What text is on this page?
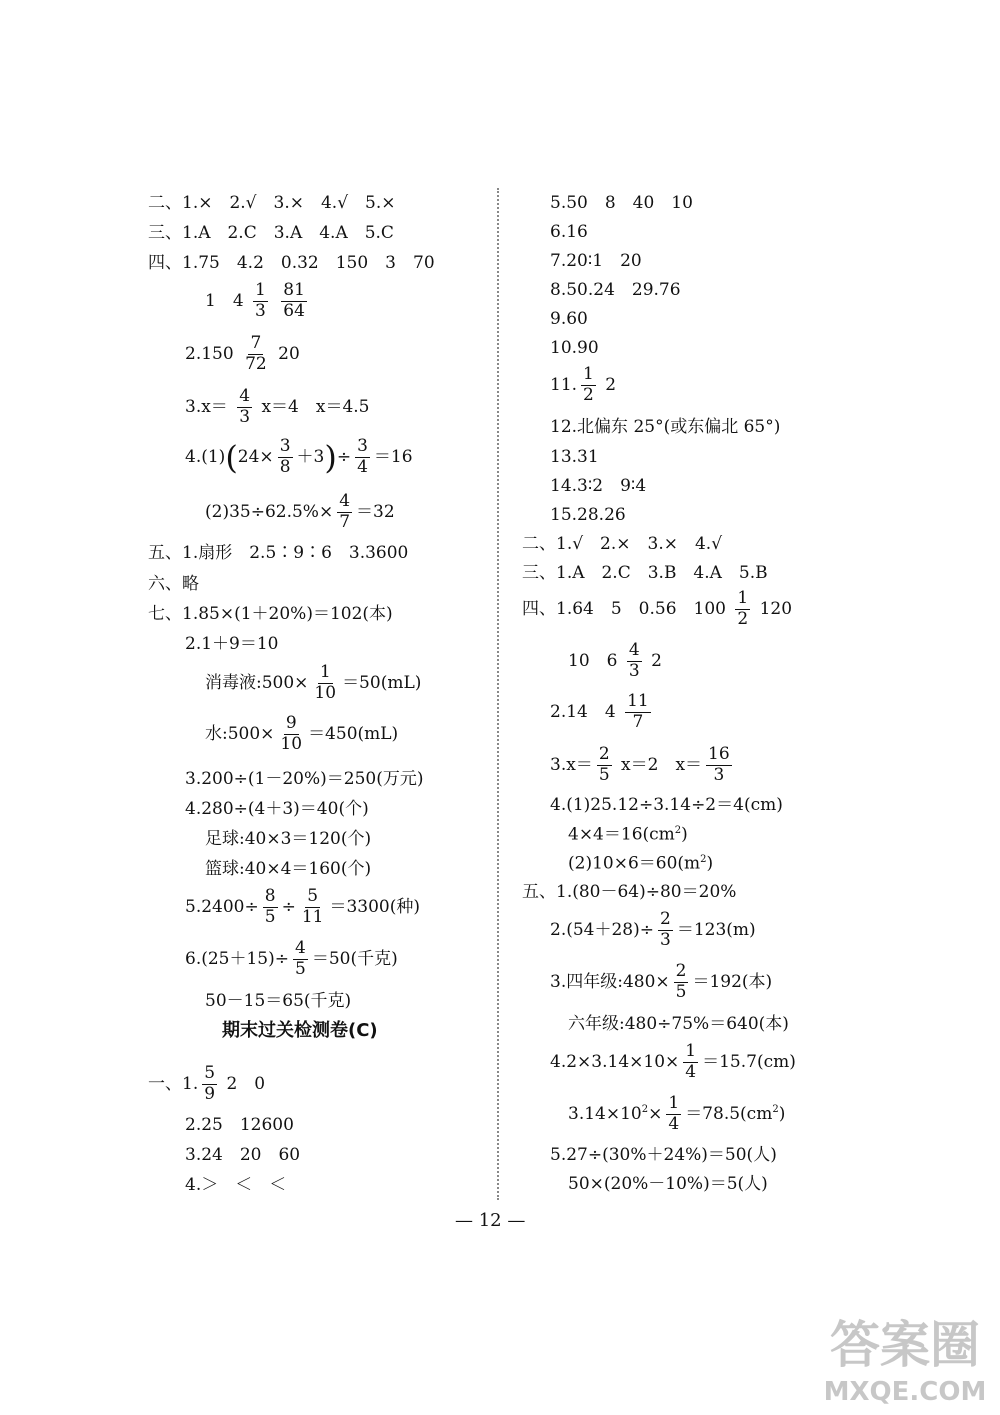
二、1.×　2.√　3.×　4.√　5.×
三、1.A　2.C　3.A　4.A　5.C
四、1.75　4.2　0.32　150　3　70
1　$4 \frac{1}{3}$
$\frac{81}{64}$
$2.150 \frac{7}{72} 20$
$3.x= \frac{4}{3} x=4$　x＝4.5
$4.(1)(24\times \frac{3}{8} +3)\div \frac{3}{4} =16$
$(2)35\div 62.5\%\times \frac{4}{7} =32$
五、1.扇形　2.5∶9∶6　3.3600
六、略
七、1.85×(1＋20%)＝102(本)
2.1＋9＝10
消毒液:500× $\frac{1}{10} =50(mL)$
水:500× $\frac{9}{10} =450(mL)$
3.200÷(1－20%)＝250(万元)
4.280÷(4＋3)＝40(个)
足球:40×3＝120(个)
篮球:40×4＝160(个)
$5.2400\div \frac{8}{5} \div \frac{5}{11} =3300$(种)
$6.(25+15)\div \frac{4}{5} =50$(千克)
50－15＝65(千克)
期末过关检测卷(C)
一、1. $\frac{5}{9} 2$　0
2.25　12600
3.24　20　60
4.＞　＜　＜
5.50　8　40　10
6.16
7.20∶1　20
8.50.24　29.76
9.60
10.90
11. $\frac{1}{2} 2$
12.北偏东 25°(或东偏北 65°)
13.31
14.3∶2　9∶4
15.28.26
二、1.√　2.×　3.×　4.√
三、1.A　2.C　3.B　4.A　5.B
四、1.64　5　0.56　$100 \frac{1}{2} 120$
10　$6 \frac{4}{3} 2$
2.14　$4 \frac{11}{7}$
$3.x= \frac{2}{5} x=2$　$x= \frac{16}{3}$
4.(1)25.12÷3.14÷2＝4(cm)
$4\times 4=16(cm^2)$
$(2)10\times 6=60(m^2)$
五、1.(80－64)÷80＝20%
$2.(54+28)\div \frac{2}{3} =123(m)$
3.四年级:480× $\frac{2}{5} =192$(本)
六年级:480÷75%＝640(本)
$4.2\times 3.14\times 10\times \frac{1}{4} =15.7(cm)$
$3.14\times 10^2\times \frac{1}{4} =78.5(cm^2)$
5.27÷(30%＋24%)＝50(人)
50×(20%－10%)＝5(人)
— 12 —
答案圈
MXQE.COM
